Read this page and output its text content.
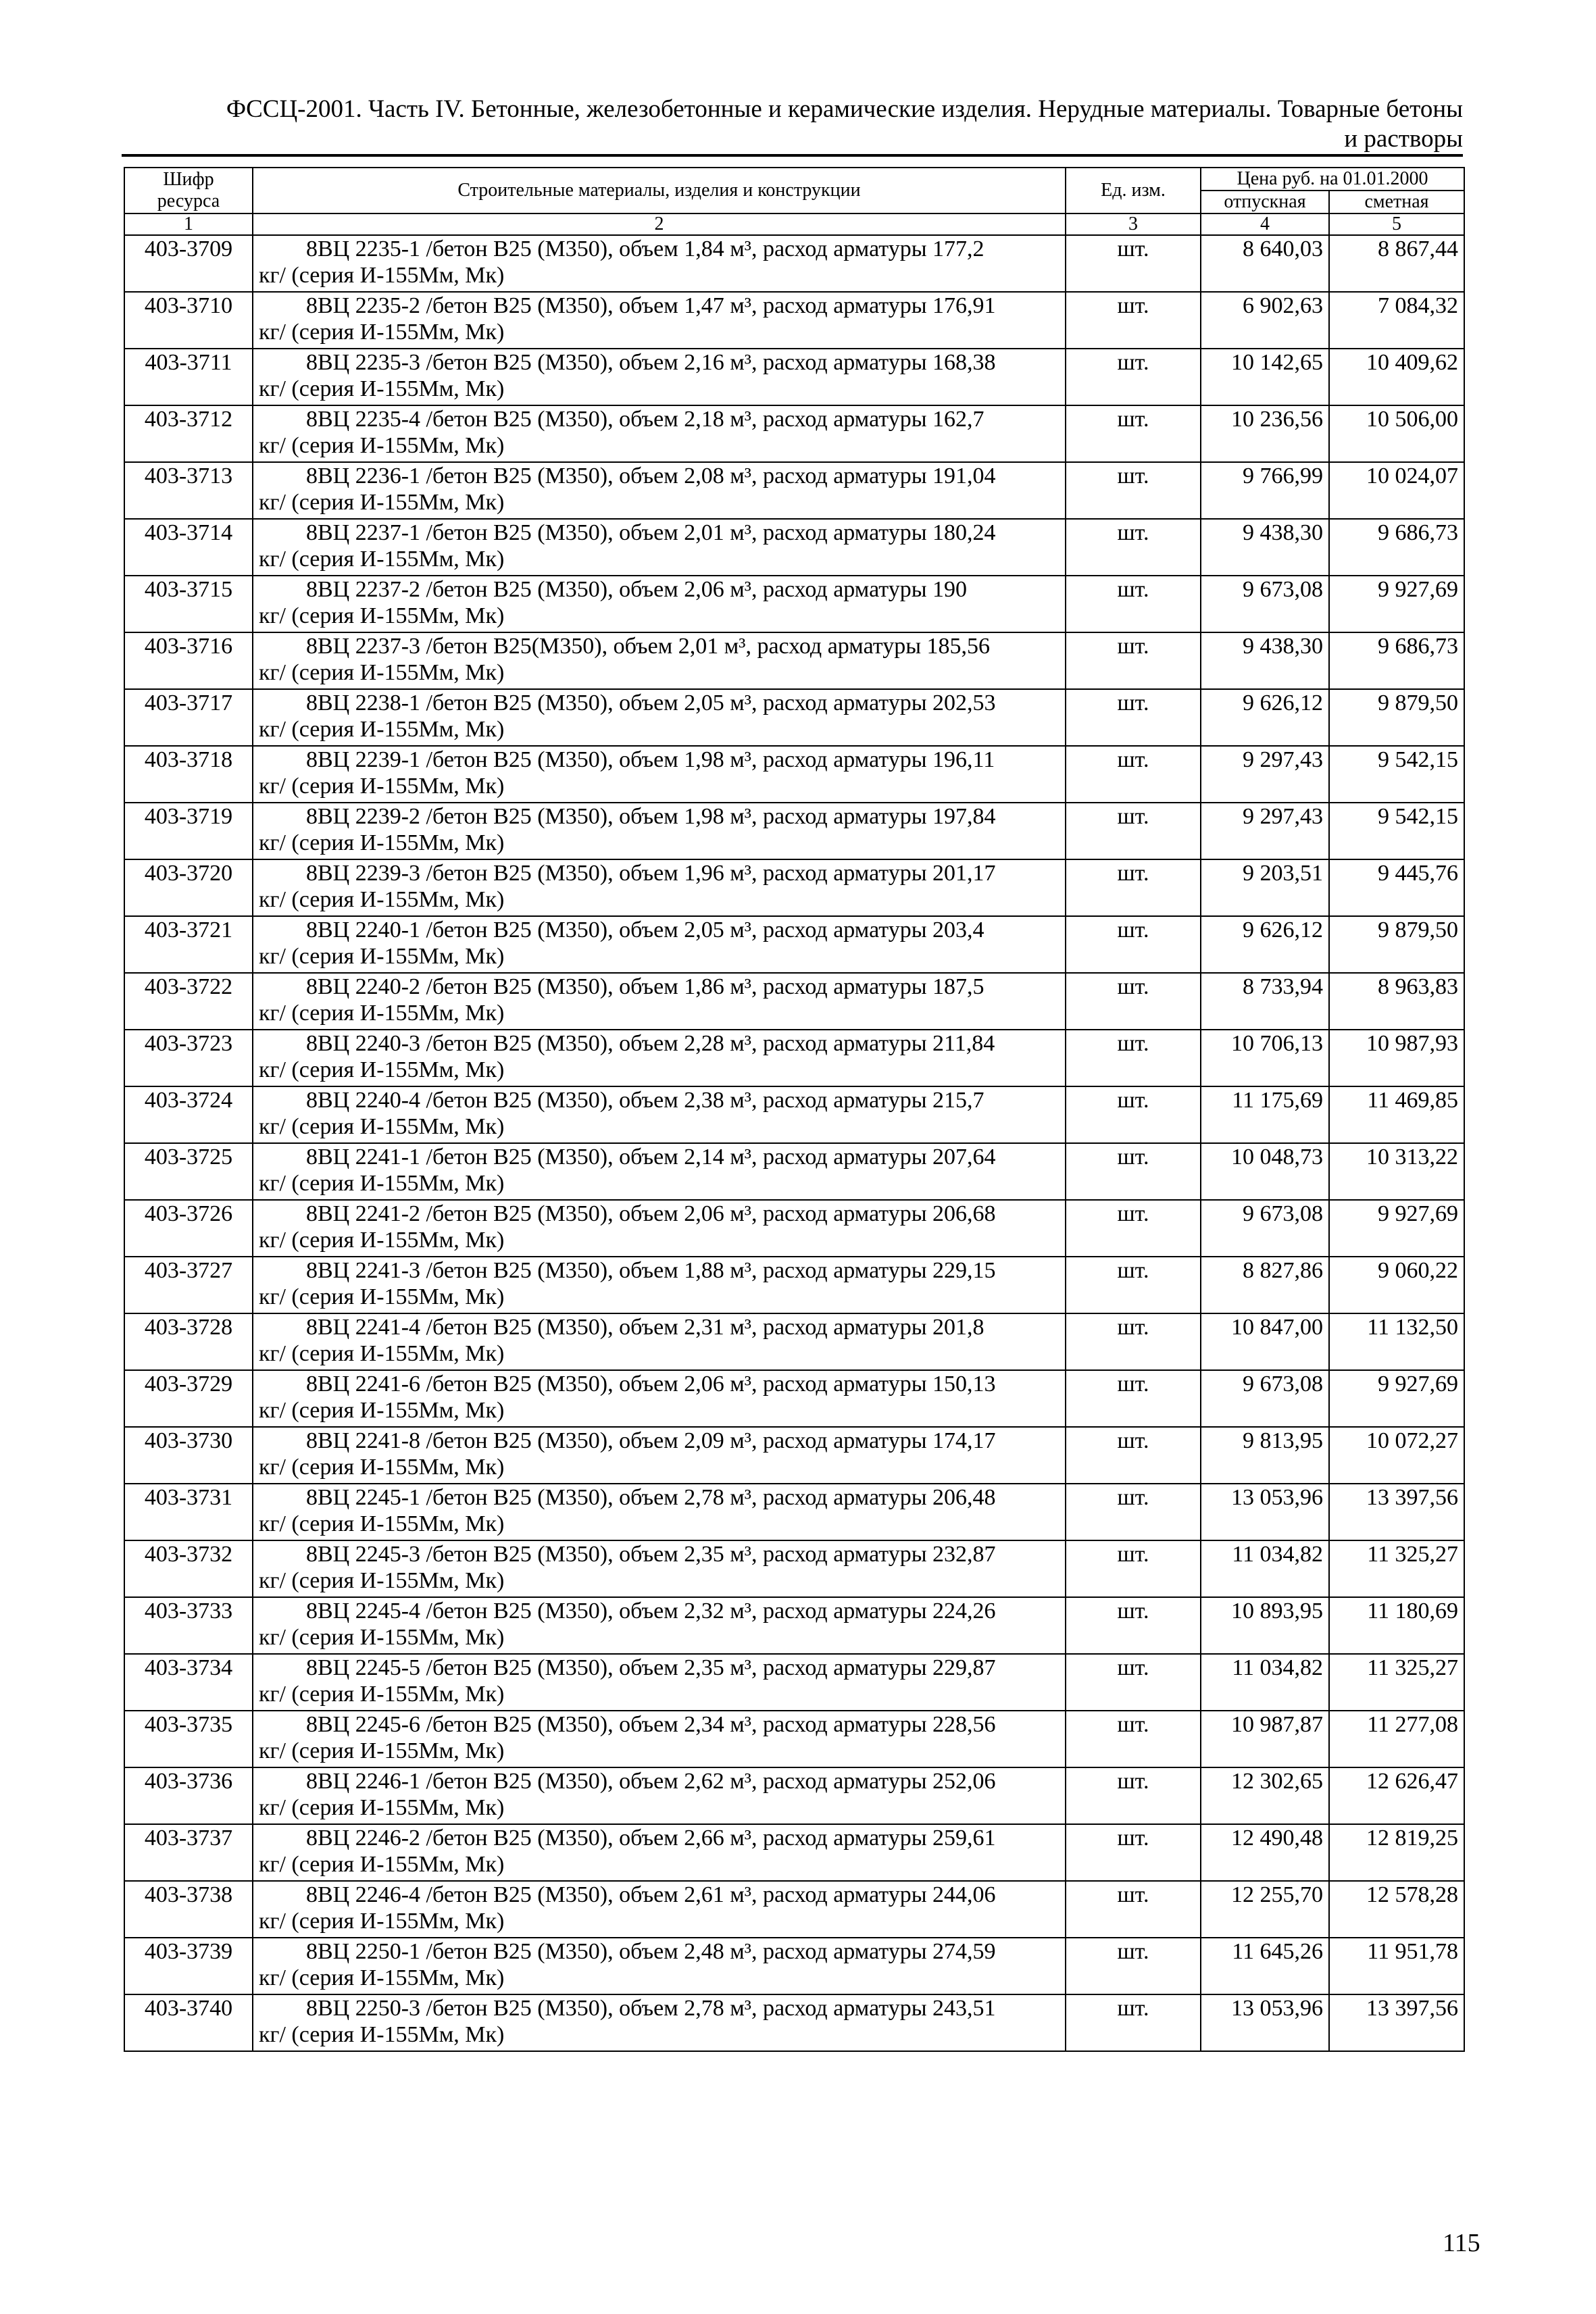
ФССЦ-2001. Часть IV. Бетонные, железобетонные и керамические изделия. Нерудные материалы. Товарные бетоны
и растворы
Шифр ресурса	Строительные материалы, изделия и конструкции	Ед. изм.	Цена руб. на 01.01.2000	
			отпускная	сметная
1	2	3	4	5
403-3709	8ВЦ 2235-1 /бетон В25 (М350), объем 1,84 м³, расход арматуры 177,2
кг/ (серия И-155Мм, Мк)	шт.	8 640,03	8 867,44
403-3710	8ВЦ 2235-2 /бетон В25 (М350), объем 1,47 м³, расход арматуры 176,91
кг/ (серия И-155Мм, Мк)	шт.	6 902,63	7 084,32
403-3711	8ВЦ 2235-3 /бетон В25 (М350), объем 2,16 м³, расход арматуры 168,38
кг/ (серия И-155Мм, Мк)	шт.	10 142,65	10 409,62
403-3712	8ВЦ 2235-4 /бетон В25 (М350), объем 2,18 м³, расход арматуры 162,7
кг/ (серия И-155Мм, Мк)	шт.	10 236,56	10 506,00
403-3713	8ВЦ 2236-1 /бетон В25 (М350), объем 2,08 м³, расход арматуры 191,04
кг/ (серия И-155Мм, Мк)	шт.	9 766,99	10 024,07
403-3714	8ВЦ 2237-1 /бетон В25 (М350), объем 2,01 м³, расход арматуры 180,24
кг/ (серия И-155Мм, Мк)	шт.	9 438,30	9 686,73
403-3715	8ВЦ 2237-2 /бетон В25 (М350), объем 2,06 м³, расход арматуры 190
кг/ (серия И-155Мм, Мк)	шт.	9 673,08	9 927,69
403-3716	8ВЦ 2237-3 /бетон В25(М350), объем 2,01 м³, расход арматуры 185,56
кг/ (серия И-155Мм, Мк)	шт.	9 438,30	9 686,73
403-3717	8ВЦ 2238-1 /бетон В25 (М350), объем 2,05 м³, расход арматуры 202,53
кг/ (серия И-155Мм, Мк)	шт.	9 626,12	9 879,50
403-3718	8ВЦ 2239-1 /бетон В25 (М350), объем 1,98 м³, расход арматуры 196,11
кг/ (серия И-155Мм, Мк)	шт.	9 297,43	9 542,15
403-3719	8ВЦ 2239-2 /бетон В25 (М350), объем 1,98 м³, расход арматуры 197,84
кг/ (серия И-155Мм, Мк)	шт.	9 297,43	9 542,15
403-3720	8ВЦ 2239-3 /бетон В25 (М350), объем 1,96 м³, расход арматуры 201,17
кг/ (серия И-155Мм, Мк)	шт.	9 203,51	9 445,76
403-3721	8ВЦ 2240-1 /бетон В25 (М350), объем 2,05 м³, расход арматуры 203,4
кг/ (серия И-155Мм, Мк)	шт.	9 626,12	9 879,50
403-3722	8ВЦ 2240-2 /бетон В25 (М350), объем 1,86 м³, расход арматуры 187,5
кг/ (серия И-155Мм, Мк)	шт.	8 733,94	8 963,83
403-3723	8ВЦ 2240-3 /бетон В25 (М350), объем 2,28 м³, расход арматуры 211,84
кг/ (серия И-155Мм, Мк)	шт.	10 706,13	10 987,93
403-3724	8ВЦ 2240-4 /бетон В25 (М350), объем 2,38 м³, расход арматуры 215,7
кг/ (серия И-155Мм, Мк)	шт.	11 175,69	11 469,85
403-3725	8ВЦ 2241-1 /бетон В25 (М350), объем 2,14 м³, расход арматуры 207,64
кг/ (серия И-155Мм, Мк)	шт.	10 048,73	10 313,22
403-3726	8ВЦ 2241-2 /бетон В25 (М350), объем 2,06 м³, расход арматуры 206,68
кг/ (серия И-155Мм, Мк)	шт.	9 673,08	9 927,69
403-3727	8ВЦ 2241-3 /бетон В25 (М350), объем 1,88 м³, расход арматуры 229,15
кг/ (серия И-155Мм, Мк)	шт.	8 827,86	9 060,22
403-3728	8ВЦ 2241-4 /бетон В25 (М350), объем 2,31 м³, расход арматуры 201,8
кг/ (серия И-155Мм, Мк)	шт.	10 847,00	11 132,50
403-3729	8ВЦ 2241-6 /бетон В25 (М350), объем 2,06 м³, расход арматуры 150,13
кг/ (серия И-155Мм, Мк)	шт.	9 673,08	9 927,69
403-3730	8ВЦ 2241-8 /бетон В25 (М350), объем 2,09 м³, расход арматуры 174,17
кг/ (серия И-155Мм, Мк)	шт.	9 813,95	10 072,27
403-3731	8ВЦ 2245-1 /бетон В25 (М350), объем 2,78 м³, расход арматуры 206,48
кг/ (серия И-155Мм, Мк)	шт.	13 053,96	13 397,56
403-3732	8ВЦ 2245-3 /бетон В25 (М350), объем 2,35 м³, расход арматуры 232,87
кг/ (серия И-155Мм, Мк)	шт.	11 034,82	11 325,27
403-3733	8ВЦ 2245-4 /бетон В25 (М350), объем 2,32 м³, расход арматуры 224,26
кг/ (серия И-155Мм, Мк)	шт.	10 893,95	11 180,69
403-3734	8ВЦ 2245-5 /бетон В25 (М350), объем 2,35 м³, расход арматуры 229,87
кг/ (серия И-155Мм, Мк)	шт.	11 034,82	11 325,27
403-3735	8ВЦ 2245-6 /бетон В25 (М350), объем 2,34 м³, расход арматуры 228,56
кг/ (серия И-155Мм, Мк)	шт.	10 987,87	11 277,08
403-3736	8ВЦ 2246-1 /бетон В25 (М350), объем 2,62 м³, расход арматуры 252,06
кг/ (серия И-155Мм, Мк)	шт.	12 302,65	12 626,47
403-3737	8ВЦ 2246-2 /бетон В25 (М350), объем 2,66 м³, расход арматуры 259,61
кг/ (серия И-155Мм, Мк)	шт.	12 490,48	12 819,25
403-3738	8ВЦ 2246-4 /бетон В25 (М350), объем 2,61 м³, расход арматуры 244,06
кг/ (серия И-155Мм, Мк)	шт.	12 255,70	12 578,28
403-3739	8ВЦ 2250-1 /бетон В25 (М350), объем 2,48 м³, расход арматуры 274,59
кг/ (серия И-155Мм, Мк)	шт.	11 645,26	11 951,78
403-3740	8ВЦ 2250-3 /бетон В25 (М350), объем 2,78 м³, расход арматуры 243,51
кг/ (серия И-155Мм, Мк)	шт.	13 053,96	13 397,56
115
